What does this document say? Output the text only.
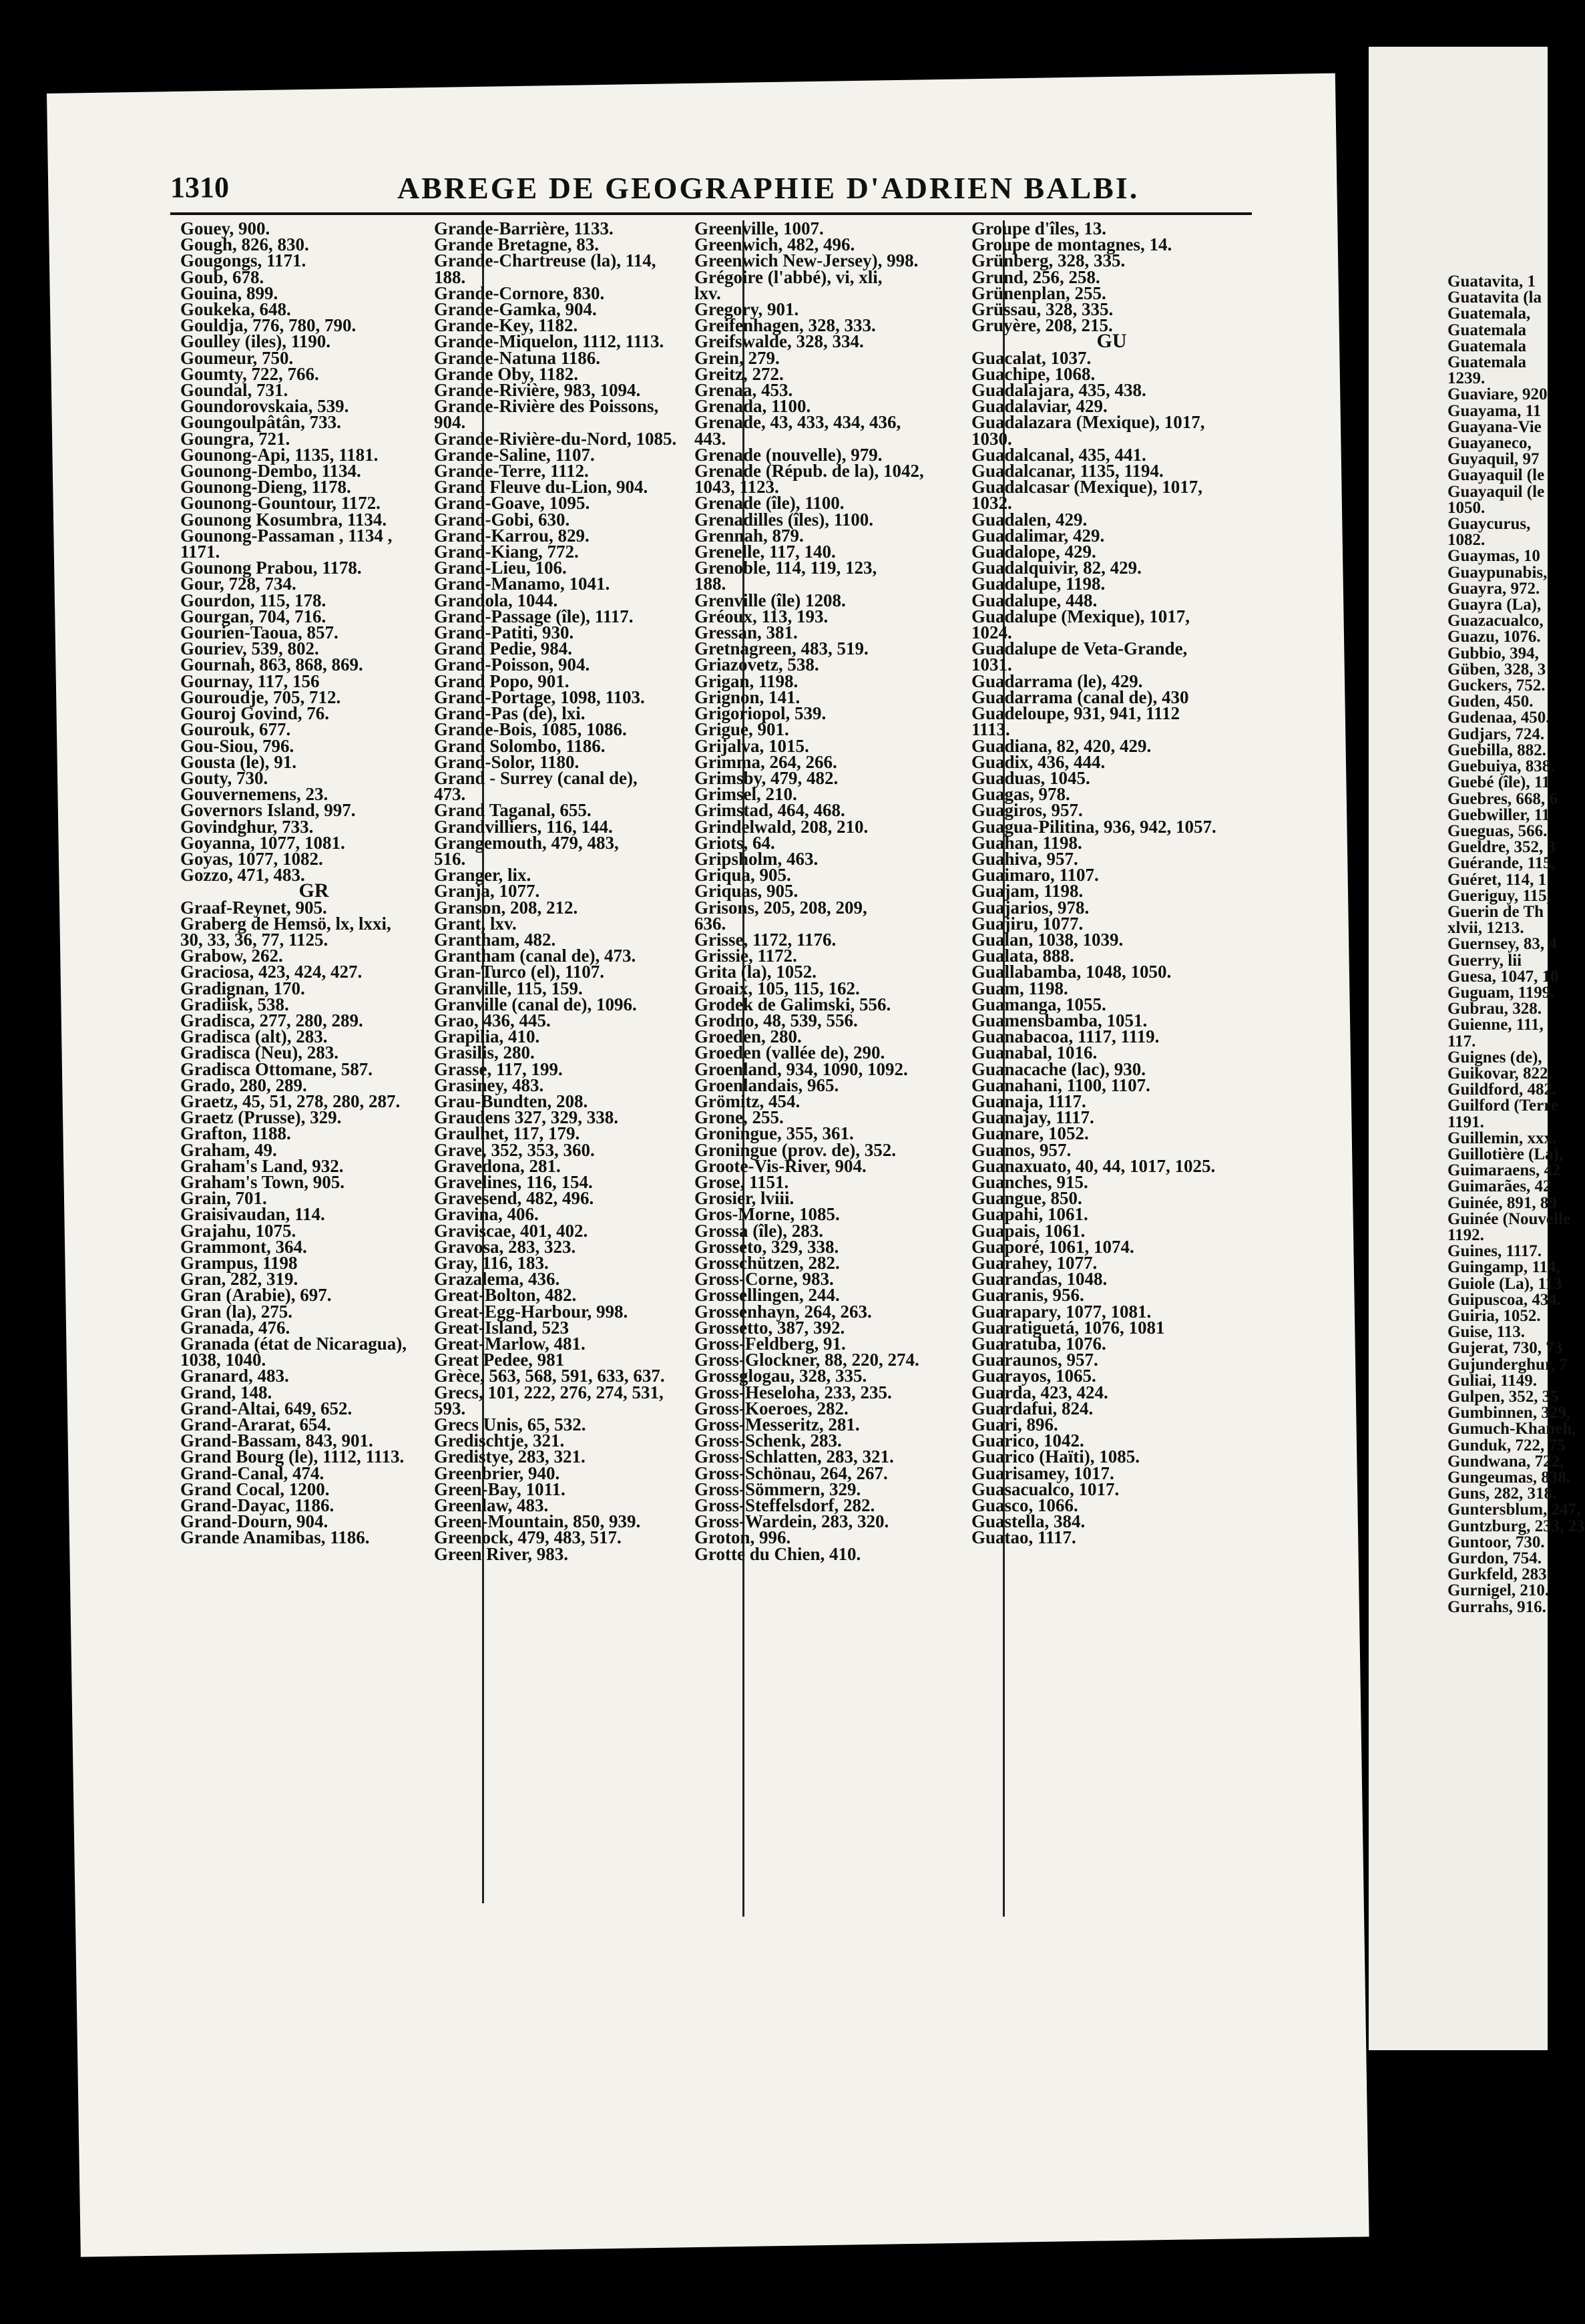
1310	ABREGE DE GEOGRAPHIE D'ADRIEN BALBI.
Gouey, 900.
Gough, 826, 830.
Gougongs, 1171.
Goub, 678.
Gouina, 899.
Goukeka, 648.
Gouldja, 776, 780, 790.
Goulley (iles), 1190.
Goumeur, 750.
Goumty, 722, 766.
Goundal, 731.
Goundorovskaia, 539.
Goungoulpâtân, 733.
Goungra, 721.
Gounong-Api, 1135, 1181.
Gounong-Dembo, 1134.
Gounong-Dieng, 1178.
Gounong-Gountour, 1172.
Gounong Kosumbra, 1134.
Gounong-Passaman , 1134 ,
1171.
Gounong Prabou, 1178.
Gour, 728, 734.
Gourdon, 115, 178.
Gourgan, 704, 716.
Gourien-Taoua, 857.
Gouriev, 539, 802.
Gournah, 863, 868, 869.
Gournay, 117, 156
Gouroudje, 705, 712.
Gouroj Govind, 76.
Gourouk, 677.
Gou-Siou, 796.
Gousta (le), 91.
Gouty, 730.
Gouvernemens, 23.
Governors Island, 997.
Govindghur, 733.
Goyanna, 1077, 1081.
Goyas, 1077, 1082.
Gozzo, 471, 483.
GR
Graaf-Reynet, 905.
Graberg de Hemsö, lx, lxxi,
30, 33, 36, 77, 1125.
Grabow, 262.
Graciosa, 423, 424, 427.
Gradignan, 170.
Gradiisk, 538.
Gradisca, 277, 280, 289.
Gradisca (alt), 283.
Gradisca (Neu), 283.
Gradisca Ottomane, 587.
Grado, 280, 289.
Graetz, 45, 51, 278, 280, 287.
Graetz (Prusse), 329.
Grafton, 1188.
Graham, 49.
Graham's Land, 932.
Graham's Town, 905.
Grain, 701.
Graisivaudan, 114.
Grajahu, 1075.
Grammont, 364.
Grampus, 1198
Gran, 282, 319.
Gran (Arabie), 697.
Gran (la), 275.
Granada, 476.
Granada (état de Nicaragua),
1038, 1040.
Granard, 483.
Grand, 148.
Grand-Altai, 649, 652.
Grand-Ararat, 654.
Grand-Bassam, 843, 901.
Grand Bourg (le), 1112, 1113.
Grand-Canal, 474.
Grand Cocal, 1200.
Grand-Dayac, 1186.
Grand-Dourn, 904.
Grande Anamibas, 1186.
Grande-Barrière, 1133.
Grande Bretagne, 83.
Grande-Chartreuse (la), 114,
188.
Grande-Cornore, 830.
Grande-Gamka, 904.
Grande-Key, 1182.
Grande-Miquelon, 1112, 1113.
Grande-Natuna 1186.
Grande Oby, 1182.
Grande-Rivière, 983, 1094.
Grande-Rivière des Poissons,
904.
Grande-Rivière-du-Nord, 1085.
Grande-Saline, 1107.
Grande-Terre, 1112.
Grand Fleuve du-Lion, 904.
Grand-Goave, 1095.
Grand-Gobi, 630.
Grand-Karrou, 829.
Grand-Kiang, 772.
Grand-Lieu, 106.
Grand-Manamo, 1041.
Grandola, 1044.
Grand-Passage (île), 1117.
Grand-Patiti, 930.
Grand Pedie, 984.
Grand-Poisson, 904.
Grand Popo, 901.
Grand-Portage, 1098, 1103.
Grand-Pas (de), lxi.
Grande-Bois, 1085, 1086.
Grand Solombo, 1186.
Grand-Solor, 1180.
Grand - Surrey (canal de),
473.
Grand Taganal, 655.
Grandvilliers, 116, 144.
Grangemouth, 479, 483,
516.
Granger, lix.
Granja, 1077.
Granson, 208, 212.
Grant, lxv.
Grantham, 482.
Grantham (canal de), 473.
Gran-Turco (el), 1107.
Granville, 115, 159.
Granville (canal de), 1096.
Grao, 436, 445.
Grapilia, 410.
Grasilis, 280.
Grasse, 117, 199.
Grasiney, 483.
Grau-Bundten, 208.
Graudens 327, 329, 338.
Graulhet, 117, 179.
Grave, 352, 353, 360.
Gravedona, 281.
Gravelines, 116, 154.
Gravesend, 482, 496.
Gravina, 406.
Graviscae, 401, 402.
Gravosa, 283, 323.
Gray, 116, 183.
Grazalema, 436.
Great-Bolton, 482.
Great-Egg-Harbour, 998.
Great-Island, 523
Great-Marlow, 481.
Great Pedee, 981
Grèce, 563, 568, 591, 633, 637.
Grecs, 101, 222, 276, 274, 531,
593.
Grecs Unis, 65, 532.
Gredischtje, 321.
Gredistye, 283, 321.
Greenbrier, 940.
Green-Bay, 1011.
Greenlaw, 483.
Green-Mountain, 850, 939.
Greenock, 479, 483, 517.
Green River, 983.
Greenville, 1007.
Greenwich, 482, 496.
Greenwich New-Jersey), 998.
Grégoire (l'abbé), vi, xli,
lxv.
Gregory, 901.
Greifenhagen, 328, 333.
Greifswalde, 328, 334.
Grein, 279.
Greitz, 272.
Grenaa, 453.
Grenada, 1100.
Grenade, 43, 433, 434, 436,
443.
Grenade (nouvelle), 979.
Grenade (Répub. de la), 1042,
1043, 1123.
Grenade (île), 1100.
Grenadilles (îles), 1100.
Grennah, 879.
Grenelle, 117, 140.
Grenoble, 114, 119, 123,
188.
Grenville (île) 1208.
Gréoux, 113, 193.
Gressan, 381.
Gretnagreen, 483, 519.
Griazovetz, 538.
Grigan, 1198.
Grignon, 141.
Grigoriopol, 539.
Grigue, 901.
Grijalva, 1015.
Grimma, 264, 266.
Grimsby, 479, 482.
Grimsel, 210.
Grimstad, 464, 468.
Grindelwald, 208, 210.
Griots, 64.
Gripsholm, 463.
Griqua, 905.
Griquas, 905.
Grisons, 205, 208, 209,
636.
Grisse, 1172, 1176.
Grissie, 1172.
Grita (la), 1052.
Groaix, 105, 115, 162.
Grodek de Galimski, 556.
Grodno, 48, 539, 556.
Groeden, 280.
Groeden (vallée de), 290.
Groenland, 934, 1090, 1092.
Groenlandais, 965.
Grömitz, 454.
Grone, 255.
Groningue, 355, 361.
Groningue (prov. de), 352.
Groote-Vis-River, 904.
Grose, 1151.
Grosier, lviii.
Gros-Morne, 1085.
Grossa (île), 283.
Grosseto, 329, 338.
Grosschützen, 282.
Gross-Corne, 983.
Grossellingen, 244.
Grossenhayn, 264, 263.
Grossetto, 387, 392.
Gross-Feldberg, 91.
Gross-Glockner, 88, 220, 274.
Grossglogau, 328, 335.
Gross-Heseloha, 233, 235.
Gross-Koeroes, 282.
Gross-Messeritz, 281.
Gross-Schenk, 283.
Gross-Schlatten, 283, 321.
Gross-Schönau, 264, 267.
Gross-Sömmern, 329.
Gross-Steffelsdorf, 282.
Gross-Wardein, 283, 320.
Groton, 996.
Grotte du Chien, 410.
Groupe d'îles, 13.
Groupe de montagnes, 14.
Grünberg, 328, 335.
Grund, 256, 258.
Grünenplan, 255.
Grüssau, 328, 335.
Gruyère, 208, 215.
GU
Guacalat, 1037.
Guachipe, 1068.
Guadalajara, 435, 438.
Guadalaviar, 429.
Guadalazara (Mexique), 1017,
1030.
Guadalcanal, 435, 441.
Guadalcanar, 1135, 1194.
Guadalcasar (Mexique), 1017,
1032.
Guadalen, 429.
Guadalimar, 429.
Guadalope, 429.
Guadalquivir, 82, 429.
Guadalupe, 1198.
Guadalupe, 448.
Guadalupe (Mexique), 1017,
1024.
Guadalupe de Veta-Grande,
1031.
Guadarrama (le), 429.
Guadarrama (canal de), 430
Guadeloupe, 931, 941, 1112
1113.
Guadiana, 82, 420, 429.
Guadix, 436, 444.
Guaduas, 1045.
Guagas, 978.
Guagiros, 957.
Guagua-Pilitina, 936, 942, 1057.
Guahan, 1198.
Guahiva, 957.
Guaimaro, 1107.
Guajam, 1198.
Guajarios, 978.
Guajiru, 1077.
Gualan, 1038, 1039.
Gualata, 888.
Guallabamba, 1048, 1050.
Guam, 1198.
Guamanga, 1055.
Guamensbamba, 1051.
Guanabacoa, 1117, 1119.
Guanabal, 1016.
Guanacache (lac), 930.
Guanahani, 1100, 1107.
Guanaja, 1117.
Guanajay, 1117.
Guanare, 1052.
Guanos, 957.
Guanaxuato, 40, 44, 1017, 1025.
Guanches, 915.
Guangue, 850.
Guapahi, 1061.
Guapais, 1061.
Guaporé, 1061, 1074.
Guarahey, 1077.
Guarandas, 1048.
Guaranis, 956.
Guarapary, 1077, 1081.
Guaratiguetá, 1076, 1081
Guaratuba, 1076.
Guaraunos, 957.
Guarayos, 1065.
Guarda, 423, 424.
Guardafui, 824.
Guari, 896.
Guarico, 1042.
Guarico (Haïti), 1085.
Guarisamey, 1017.
Guasacualco, 1017.
Guasco, 1066.
Guastella, 384.
Guatao, 1117.
Guatavita, 1
Guatavita (la
Guatemala,
Guatemala
Guatemala
Guatemala
1239.
Guaviare, 920
Guayama, 11
Guayana-Vie
Guayaneco,
Guyaquil, 97
Guayaquil (le
Guayaquil (le
1050.
Guaycurus,
1082.
Guaymas, 10
Guaypunabis,
Guayra, 972.
Guayra (La),
Guazacualco,
Guazu, 1076.
Gubbio, 394,
Güben, 328, 3
Guckers, 752.
Guden, 450.
Gudenaa, 450.
Gudjars, 724.
Guebilla, 882.
Guebuiya, 838.
Guebé (île), 11
Guebres, 668, 6
Guebwiller, 11
Gueguas, 566.
Gueldre, 352, 3
Guérande, 115,
Guéret, 114, 1
Gueriguy, 115,
Guerin de Th
xlvii, 1213.
Guernsey, 83, 4
Guerry, lii
Guesa, 1047, 10
Guguam, 1199.
Gubrau, 328.
Guienne, 111,
117.
Guignes (de),
Guikovar, 822.
Guildford, 482.
Guilford (Terre
1191.
Guillemin, xxx.
Guillotière (La),
Guimaraens, 42
Guimarães, 42
Guinée, 891, 89
Guinée (Nouvelle
1192.
Guines, 1117.
Guingamp, 114,
Guiole (La), 113
Guipuscoa, 434.
Guiria, 1052.
Guise, 113.
Gujerat, 730, 73
Gujunderghur, 7
Guliai, 1149.
Gulpen, 352, 35
Gumbinnen, 329,
Gumuch-Khaneh,
Gunduk, 722, 75
Gundwana, 722,
Gungeumas, 838.
Guns, 282, 318.
Guntersblum, 247,
Guntzburg, 233, 23
Guntoor, 730.
Gurdon, 754.
Gurkfeld, 283.
Gurnigel, 210.
Gurrahs, 916.
